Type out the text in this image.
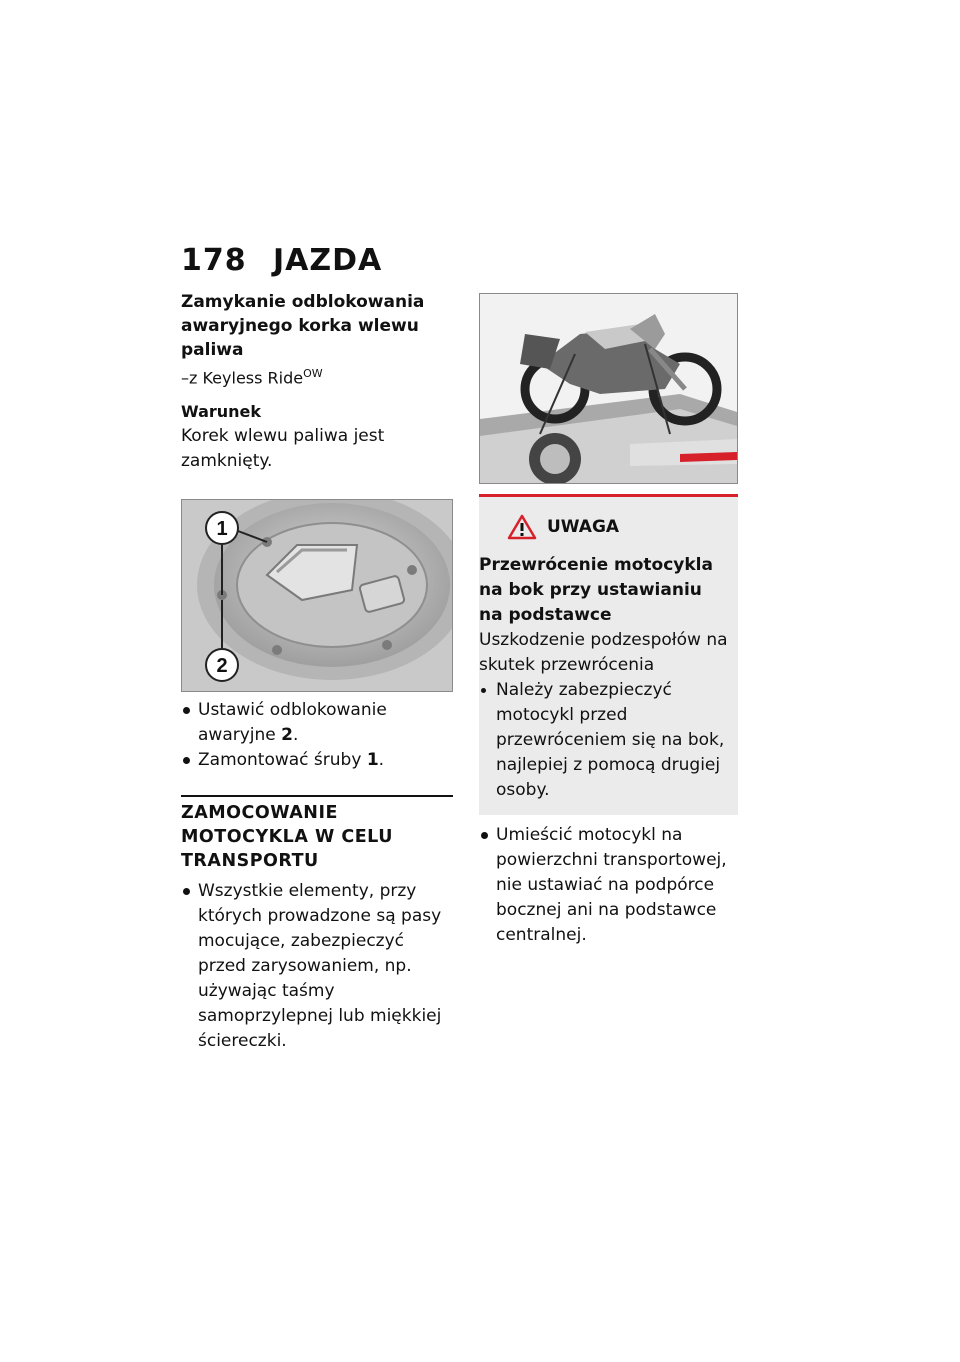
178 JAZDA

Zamykanie odblokowania awaryjnego korka wlewu paliwa

–z Keyless Ride$^{OW}$

Warunek

Korek wlewu paliwa jest zamknięty.

1
2
Ustawić odblokowanie awaryjne 2.
Zamontować śruby 1.
ZAMOCOWANIE MOTOCYKLA W CELU TRANSPORTU
Wszystkie elementy, przy których prowadzone są pasy mocujące, zabezpieczyć przed zarysowaniem, np. używając taśmy samoprzylepnej lub miękkiej ściereczki.
UWAGA

Przewrócenie motocykla na bok przy ustawianiu na podstawce

Uszkodzenie podzespołów na skutek przewrócenia

Należy zabezpieczyć motocykl przed przewróceniem się na bok, najlepiej z pomocą drugiej osoby.
Umieścić motocykl na powierzchni transportowej, nie ustawiać na podpórce bocznej ani na podstawce centralnej.
